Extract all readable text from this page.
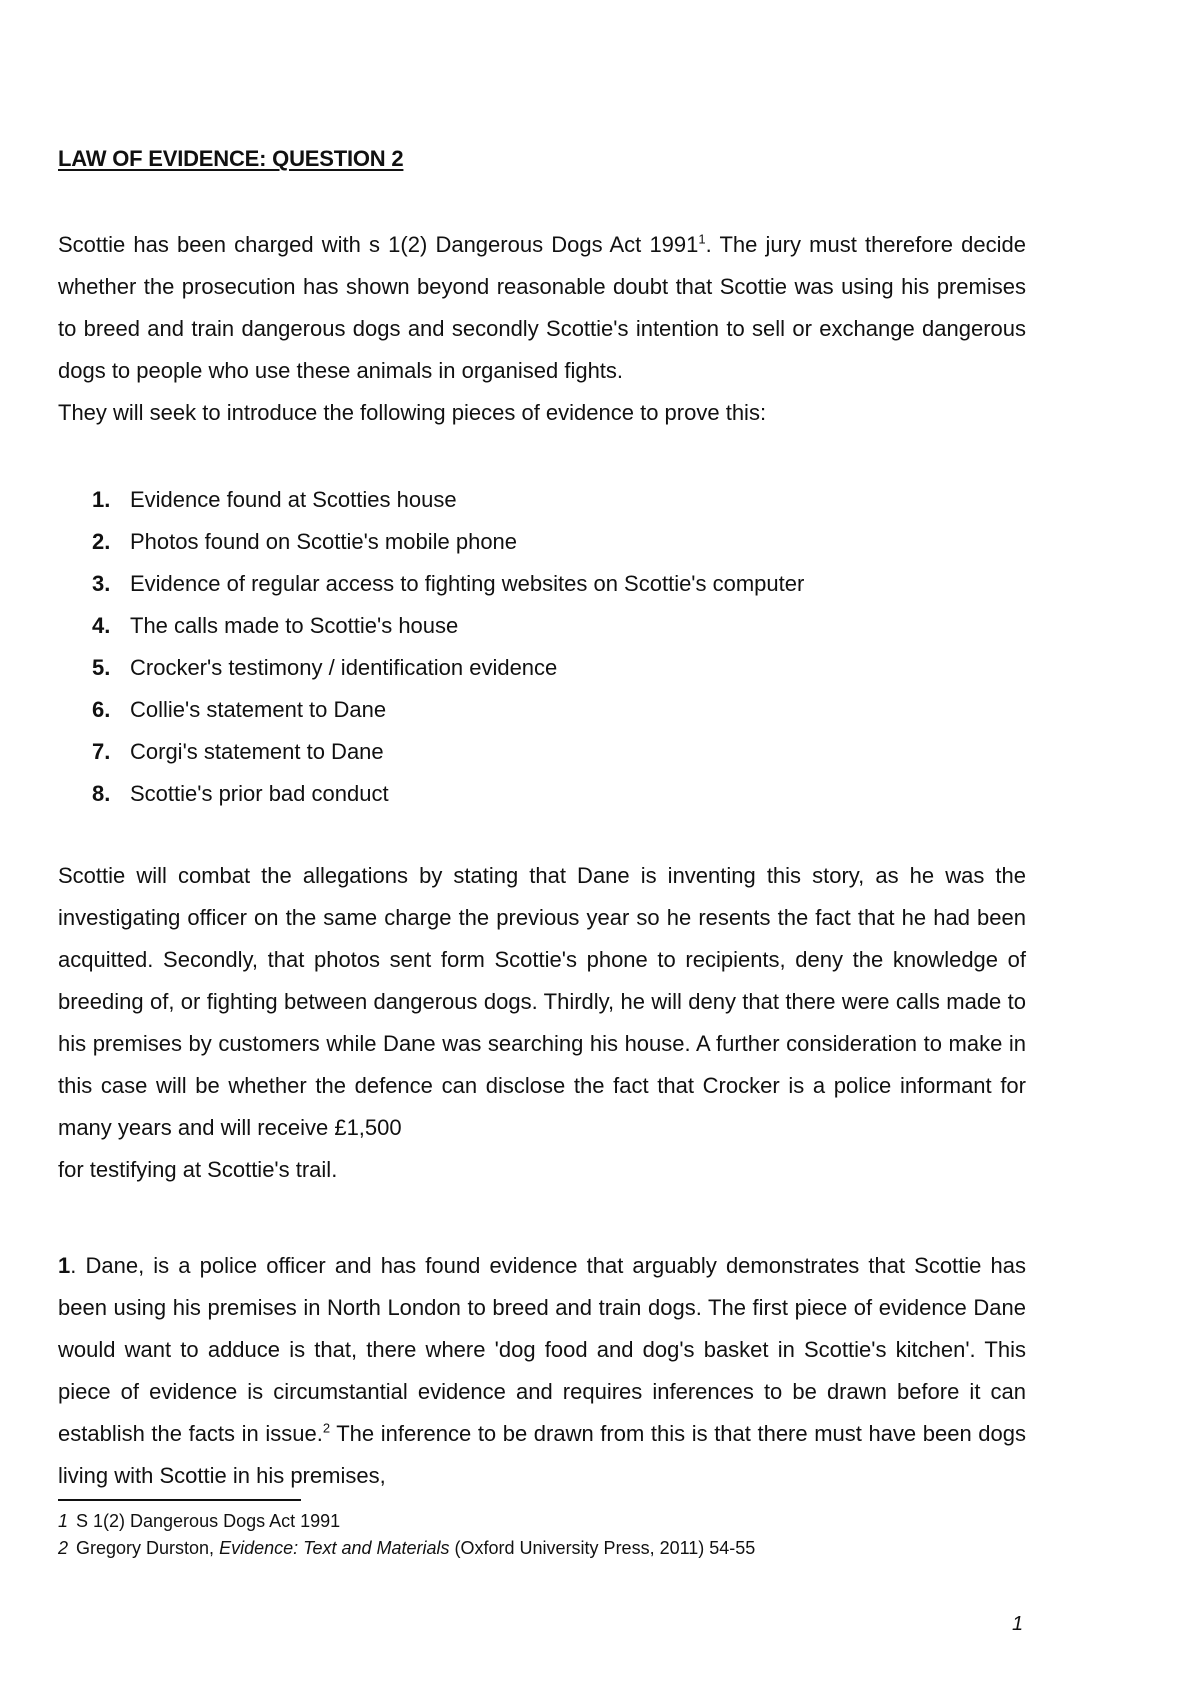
LAW OF EVIDENCE: QUESTION 2
Scottie has been charged with s 1(2) Dangerous Dogs Act 1991$^1$. The jury must therefore decide whether the prosecution has shown beyond reasonable doubt that Scottie was using his premises to breed and train dangerous dogs and secondly Scottie's intention to sell or exchange dangerous dogs to people who use these animals in organised fights.
They will seek to introduce the following pieces of evidence to prove this:
1. Evidence found at Scotties house
2. Photos found on Scottie's mobile phone
3. Evidence of regular access to fighting websites on Scottie's computer
4. The calls made to Scottie's house
5. Crocker's testimony / identification evidence
6. Collie's statement to Dane
7. Corgi's statement to Dane
8. Scottie's prior bad conduct
Scottie will combat the allegations by stating that Dane is inventing this story, as he was the investigating officer on the same charge the previous year so he resents the fact that he had been acquitted. Secondly, that photos sent form Scottie's phone to recipients, deny the knowledge of breeding of, or fighting between dangerous dogs. Thirdly, he will deny that there were calls made to his premises by customers while Dane was searching his house. A further consideration to make in this case will be whether the defence can disclose the fact that Crocker is a police informant for many years and will receive £1,500
for testifying at Scottie's trail.
1. Dane, is a police officer and has found evidence that arguably demonstrates that Scottie has been using his premises in North London to breed and train dogs. The first piece of evidence Dane would want to adduce is that, there where 'dog food and dog's basket in Scottie's kitchen'. This piece of evidence is circumstantial evidence and requires inferences to be drawn before it can establish the facts in issue.$^2$ The inference to be drawn from this is that there must have been dogs living with Scottie in his premises,
1 S 1(2) Dangerous Dogs Act 1991
2 Gregory Durston, Evidence: Text and Materials (Oxford University Press, 2011) 54-55
1
